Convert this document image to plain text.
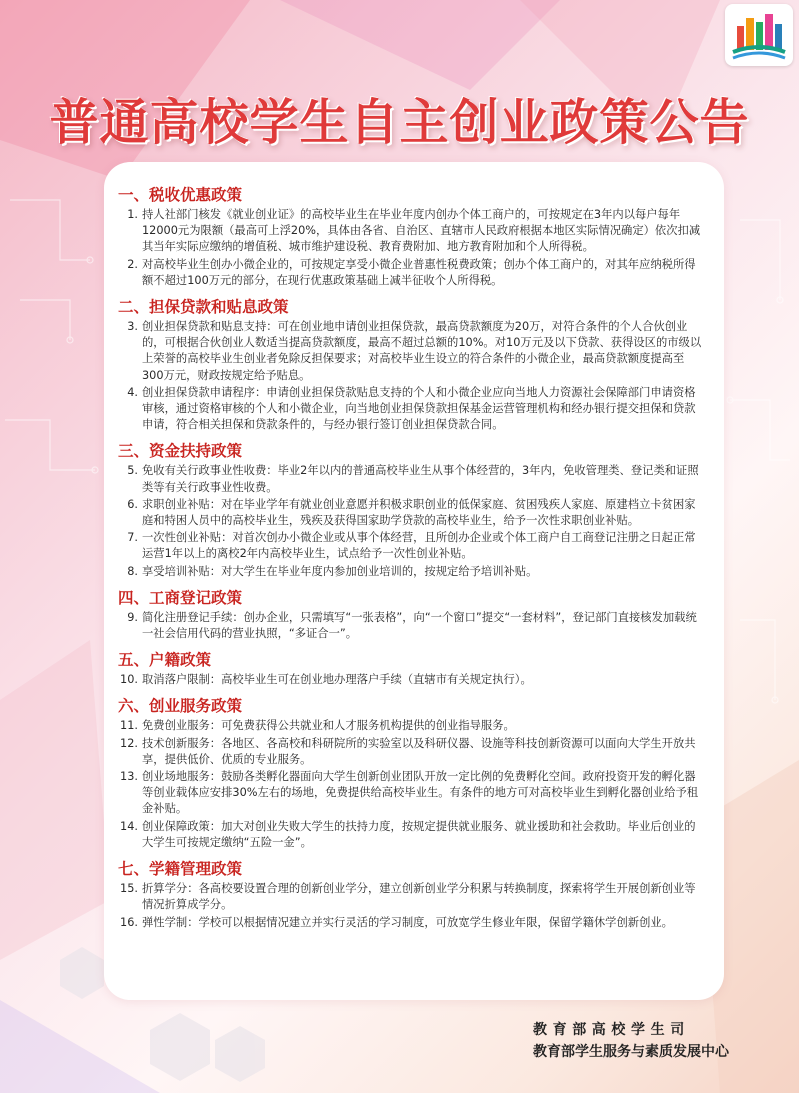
普通高校学生自主创业政策公告
一、税收优惠政策
1. 持人社部门核发《就业创业证》的高校毕业生在毕业年度内创办个体工商户的，可按规定在3年内以每户每年12000元为限额（最高可上浮20%，具体由各省、自治区、直辖市人民政府根据本地区实际情况确定）依次扣减其当年实际应缴纳的增值税、城市维护建设税、教育费附加、地方教育附加和个人所得税。
2. 对高校毕业生创办小微企业的，可按规定享受小微企业普惠性税费政策；创办个体工商户的，对其年应纳税所得额不超过100万元的部分，在现行优惠政策基础上减半征收个人所得税。
二、担保贷款和贴息政策
3. 创业担保贷款和贴息支持：可在创业地申请创业担保贷款，最高贷款额度为20万，对符合条件的个人合伙创业的，可根据合伙创业人数适当提高贷款额度，最高不超过总额的10%。对10万元及以下贷款、获得设区的市级以上荣誉的高校毕业生创业者免除反担保要求；对高校毕业生设立的符合条件的小微企业，最高贷款额度提高至300万元，财政按规定给予贴息。
4. 创业担保贷款申请程序：申请创业担保贷款贴息支持的个人和小微企业应向当地人力资源社会保障部门申请资格审核，通过资格审核的个人和小微企业，向当地创业担保贷款担保基金运营管理机构和经办银行提交担保和贷款申请，符合相关担保和贷款条件的，与经办银行签订创业担保贷款合同。
三、资金扶持政策
5. 免收有关行政事业性收费：毕业2年以内的普通高校毕业生从事个体经营的，3年内，免收管理类、登记类和证照类等有关行政事业性收费。
6. 求职创业补贴：对在毕业学年有就业创业意愿并积极求职创业的低保家庭、贫困残疾人家庭、原建档立卡贫困家庭和特困人员中的高校毕业生，残疾及获得国家助学贷款的高校毕业生，给予一次性求职创业补贴。
7. 一次性创业补贴：对首次创办小微企业或从事个体经营，且所创办企业或个体工商户自工商登记注册之日起正常运营1年以上的离校2年内高校毕业生，试点给予一次性创业补贴。
8. 享受培训补贴：对大学生在毕业年度内参加创业培训的，按规定给予培训补贴。
四、工商登记政策
9. 简化注册登记手续：创办企业，只需填写“一张表格”，向“一个窗口”提交“一套材料”，登记部门直接核发加载统一社会信用代码的营业执照，“多证合一”。
五、户籍政策
10. 取消落户限制：高校毕业生可在创业地办理落户手续（直辖市有关规定执行）。
六、创业服务政策
11. 免费创业服务：可免费获得公共就业和人才服务机构提供的创业指导服务。
12. 技术创新服务：各地区、各高校和科研院所的实验室以及科研仪器、设施等科技创新资源可以面向大学生开放共享，提供低价、优质的专业服务。
13. 创业场地服务：鼓励各类孵化器面向大学生创新创业团队开放一定比例的免费孵化空间。政府投资开发的孵化器等创业载体应安排30%左右的场地，免费提供给高校毕业生。有条件的地方可对高校毕业生到孵化器创业给予租金补贴。
14. 创业保障政策：加大对创业失败大学生的扶持力度，按规定提供就业服务、就业援助和社会救助。毕业后创业的大学生可按规定缴纳“五险一金”。
七、学籍管理政策
15. 折算学分：各高校要设置合理的创新创业学分，建立创新创业学分积累与转换制度，探索将学生开展创新创业等情况折算成学分。
16. 弹性学制：学校可以根据情况建立并实行灵活的学习制度，可放宽学生修业年限，保留学籍休学创新创业。
教育部高校学生司
教育部学生服务与素质发展中心
